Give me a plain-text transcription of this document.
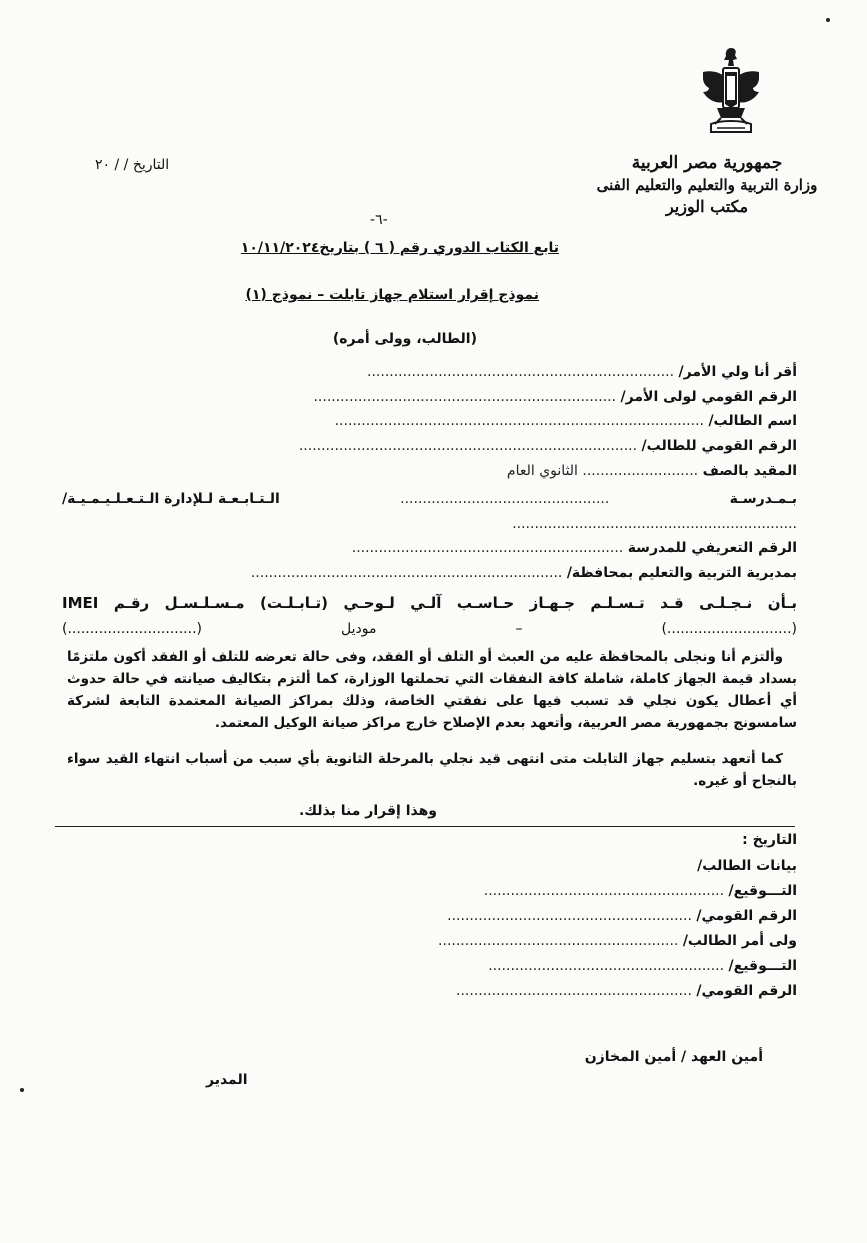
جمهورية مصر العربية
وزارة التربية والتعليم والتعليم الفنى
مكتب الوزير
التاريخ / / ٢٠
-٦-
تابع الكتاب الدوري رقم ( ٦ ) بتاريخ١٠/١١/٢٠٢٤
نموذج إقرار استلام جهاز تابلت – نموذج (١)
(الطالب، وولى أمره)
أقر أنا ولي الأمر/ .....................................................................
الرقم القومي لولى الأمر/ ....................................................................
اسم الطالب/ ...................................................................................
الرقم القومي للطالب/ ............................................................................
المقيد بالصف .......................... الثانوي العام
بـمـدرسـة
...............................................
الـتـابـعـة لـلإدارة الـتـعـلـيـمـيـة/
................................................................
الرقم التعريفي للمدرسة .............................................................
بمديرية التربية والتعليم بمحافظة/ ......................................................................
بـأن نـجـلـى قـد تـسـلـم جـهـاز حـاسـب آلـي لـوحـي (تـابـلـت) مـسـلـسـل رقـم IMEI
(............................) – موديل (.............................)
وألتزم أنا ونجلى بالمحافظة عليه من العبث أو التلف أو الفقد، وفى حالة تعرضه للتلف أو الفقد أكون ملتزمًا بسداد قيمة الجهاز كاملة، شاملة كافة النفقات التي تحملتها الوزارة، كما ألتزم بتكاليف صيانته في حالة حدوث أي أعطال يكون نجلي قد تسبب فيها على نفقتي الخاصة، وذلك بمراكز الصيانة المعتمدة التابعة لشركة سامسونج بجمهورية مصر العربية، وأتعهد بعدم الإصلاح خارج مراكز صيانة الوكيل المعتمد.
كما أتعهد بتسليم جهاز التابلت متى انتهى قيد نجلي بالمرحلة الثانوية بأي سبب من أسباب انتهاء القيد سواء بالنجاح أو غيره.
وهذا إقرار منا بذلك.
التاريخ :
بيانات الطالب/
التـــوقيع/ ......................................................
الرقم القومي/ .......................................................
ولى أمر الطالب/ ......................................................
التـــوقيع/ .....................................................
الرقم القومي/ .....................................................
أمين العهد / أمين المخازن
المدير
